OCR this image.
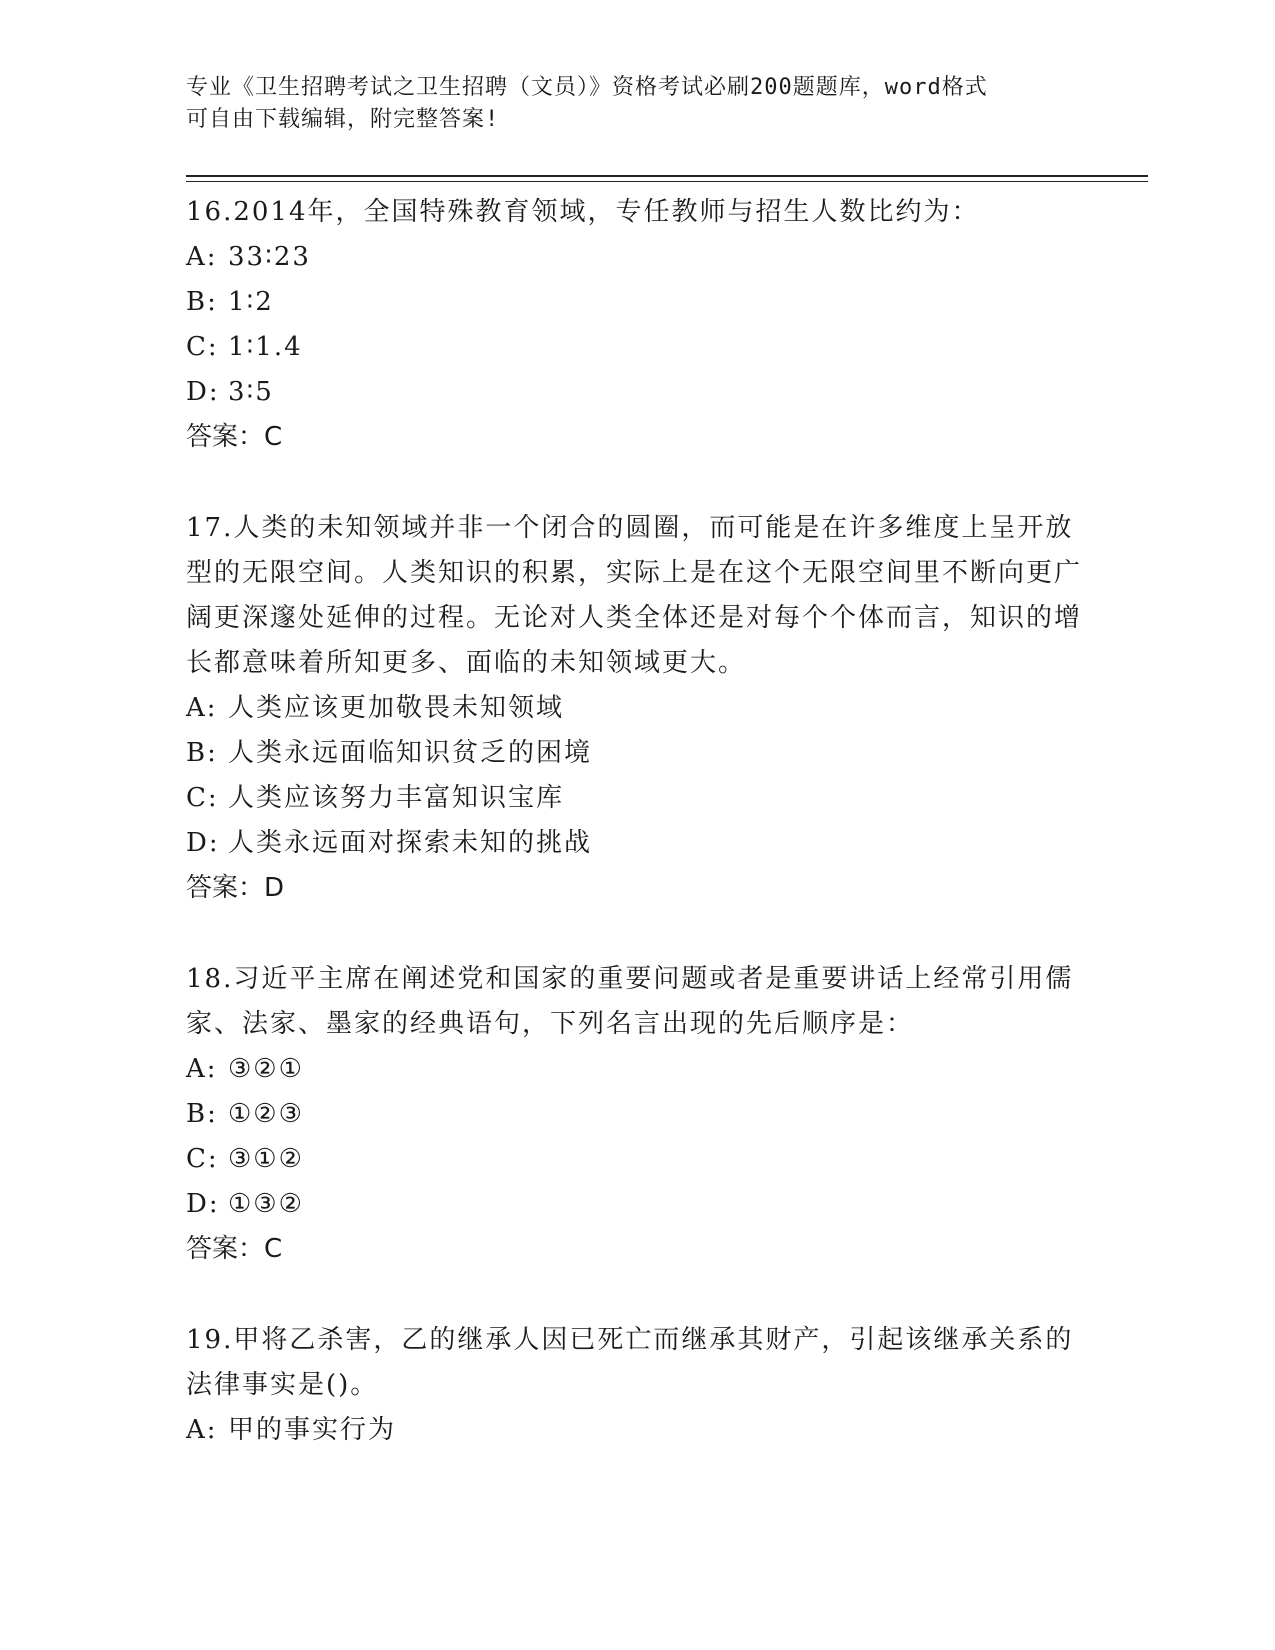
专业《卫生招聘考试之卫生招聘（文员）》资格考试必刷200题题库，word格式

可自由下载编辑，附完整答案!

16.2014年，全国特殊教育领域，专任教师与招生人数比约为：

A: 33∶23

B: 1∶2

C: 1∶1.4

D: 3∶5

答案：C

17.人类的未知领域并非一个闭合的圆圈，而可能是在许多维度上呈开放型的无限空间。人类知识的积累，实际上是在这个无限空间里不断向更广阔更深邃处延伸的过程。无论对人类全体还是对每个个体而言，知识的增长都意味着所知更多、面临的未知领域更大。

A: 人类应该更加敬畏未知领域

B: 人类永远面临知识贫乏的困境

C: 人类应该努力丰富知识宝库

D: 人类永远面对探索未知的挑战

答案：D

18.习近平主席在阐述党和国家的重要问题或者是重要讲话上经常引用儒家、法家、墨家的经典语句，下列名言出现的先后顺序是：

A: ③②①

B: ①②③

C: ③①②

D: ①③②

答案：C

19.甲将乙杀害，乙的继承人因已死亡而继承其财产，引起该继承关系的法律事实是()。

A: 甲的事实行为
